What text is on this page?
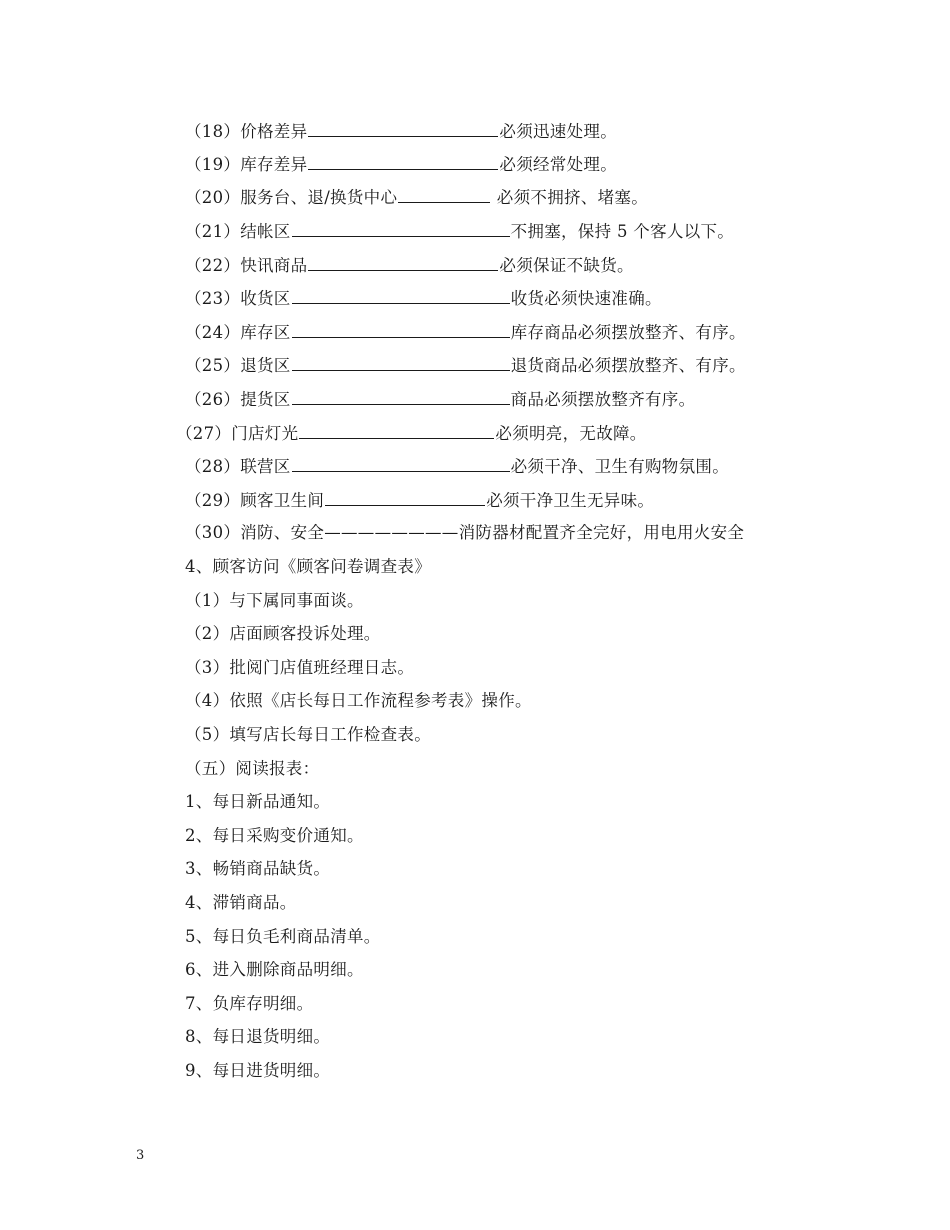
（18）价格差异	必须迅速处理。
（19）库存差异	必须经常处理。
（20）服务台、退/换货中心	必须不拥挤、堵塞。
（21）结帐区	不拥塞，保持 5 个客人以下。
（22）快讯商品	必须保证不缺货。
（23）收货区	收货必须快速准确。
（24）库存区	库存商品必须摆放整齐、有序。
（25）退货区	退货商品必须摆放整齐、有序。
（26）提货区	商品必须摆放整齐有序。
（27）门店灯光	必须明亮，无故障。
（28）联营区	必须干净、卫生有购物氛围。
（29）顾客卫生间	必须干净卫生无异味。
（30）消防、安全————————消防器材配置齐全完好，用电用火安全
4、顾客访问《顾客问卷调查表》
（1）与下属同事面谈。
（2）店面顾客投诉处理。
（3）批阅门店值班经理日志。
（4）依照《店长每日工作流程参考表》操作。
（5）填写店长每日工作检查表。
（五）阅读报表：
1、每日新品通知。
2、每日采购变价通知。
3、畅销商品缺货。
4、滞销商品。
5、每日负毛利商品清单。
6、进入删除商品明细。
7、负库存明细。
8、每日退货明细。
9、每日进货明细。
3
